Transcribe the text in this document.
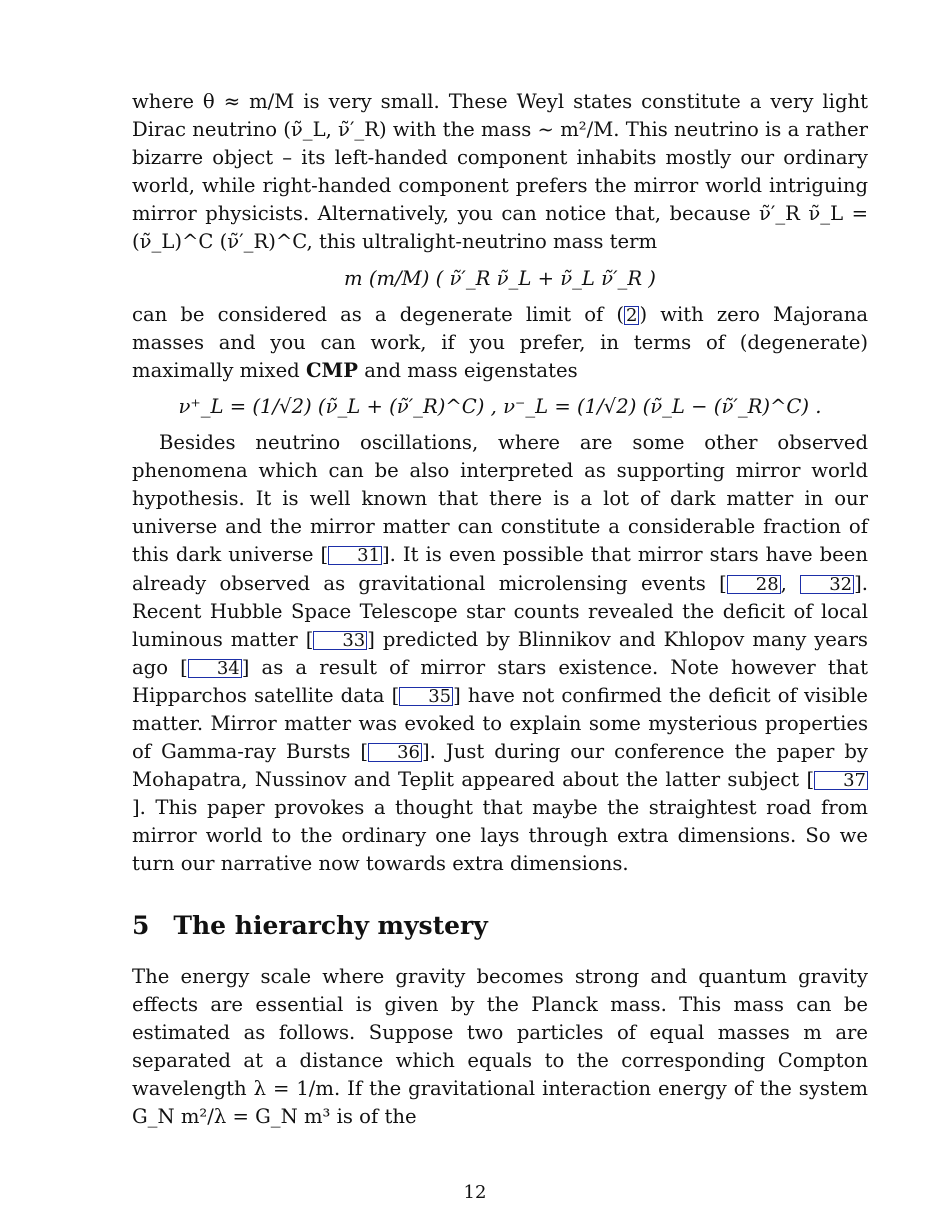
where θ ≈ m/M is very small. These Weyl states constitute a very light Dirac neutrino (ν̃_L, ν̃′_R) with the mass ∼ m²/M. This neutrino is a rather bizarre object – its left-handed component inhabits mostly our ordinary world, while right-handed component prefers the mirror world intriguing mirror physicists. Alternatively, you can notice that, because ν̃′_R ν̃_L = (ν̃_L)^C (ν̃′_R)^C, this ultralight-neutrino mass term

m (m/M) ( ν̃′_R ν̃_L + ν̃_L ν̃′_R )

can be considered as a degenerate limit of ( 2 ) with zero Majorana masses and you can work, if you prefer, in terms of (degenerate) maximally mixed CMP and mass eigenstates

ν⁺_L = (1/√2) (ν̃_L + (ν̃′_R)^C) , ν⁻_L = (1/√2) (ν̃_L − (ν̃′_R)^C) .

Besides neutrino oscillations, where are some other observed phenomena which can be also interpreted as supporting mirror world hypothesis. It is well known that there is a lot of dark matter in our universe and the mirror matter can constitute a considerable fraction of this dark universe [ 31 ]. It is even possible that mirror stars have been already observed as gravitational microlensing events [ 28 , 32 ]. Recent Hubble Space Telescope star counts revealed the deficit of local luminous matter [ 33 ] predicted by Blinnikov and Khlopov many years ago [ 34 ] as a result of mirror stars existence. Note however that Hipparchos satellite data [ 35 ] have not confirmed the deficit of visible matter. Mirror matter was evoked to explain some mysterious properties of Gamma-ray Bursts [ 36 ]. Just during our conference the paper by Mohapatra, Nussinov and Teplit appeared about the latter subject [ 37]. This paper provokes a thought that maybe the straightest road from mirror world to the ordinary one lays through extra dimensions. So we turn our narrative now towards extra dimensions.

5 The hierarchy mystery

The energy scale where gravity becomes strong and quantum gravity effects are essential is given by the Planck mass. This mass can be estimated as follows. Suppose two particles of equal masses m are separated at a distance which equals to the corresponding Compton wavelength λ = 1/m. If the gravitational interaction energy of the system G_N m²/λ = G_N m³ is of the

12
